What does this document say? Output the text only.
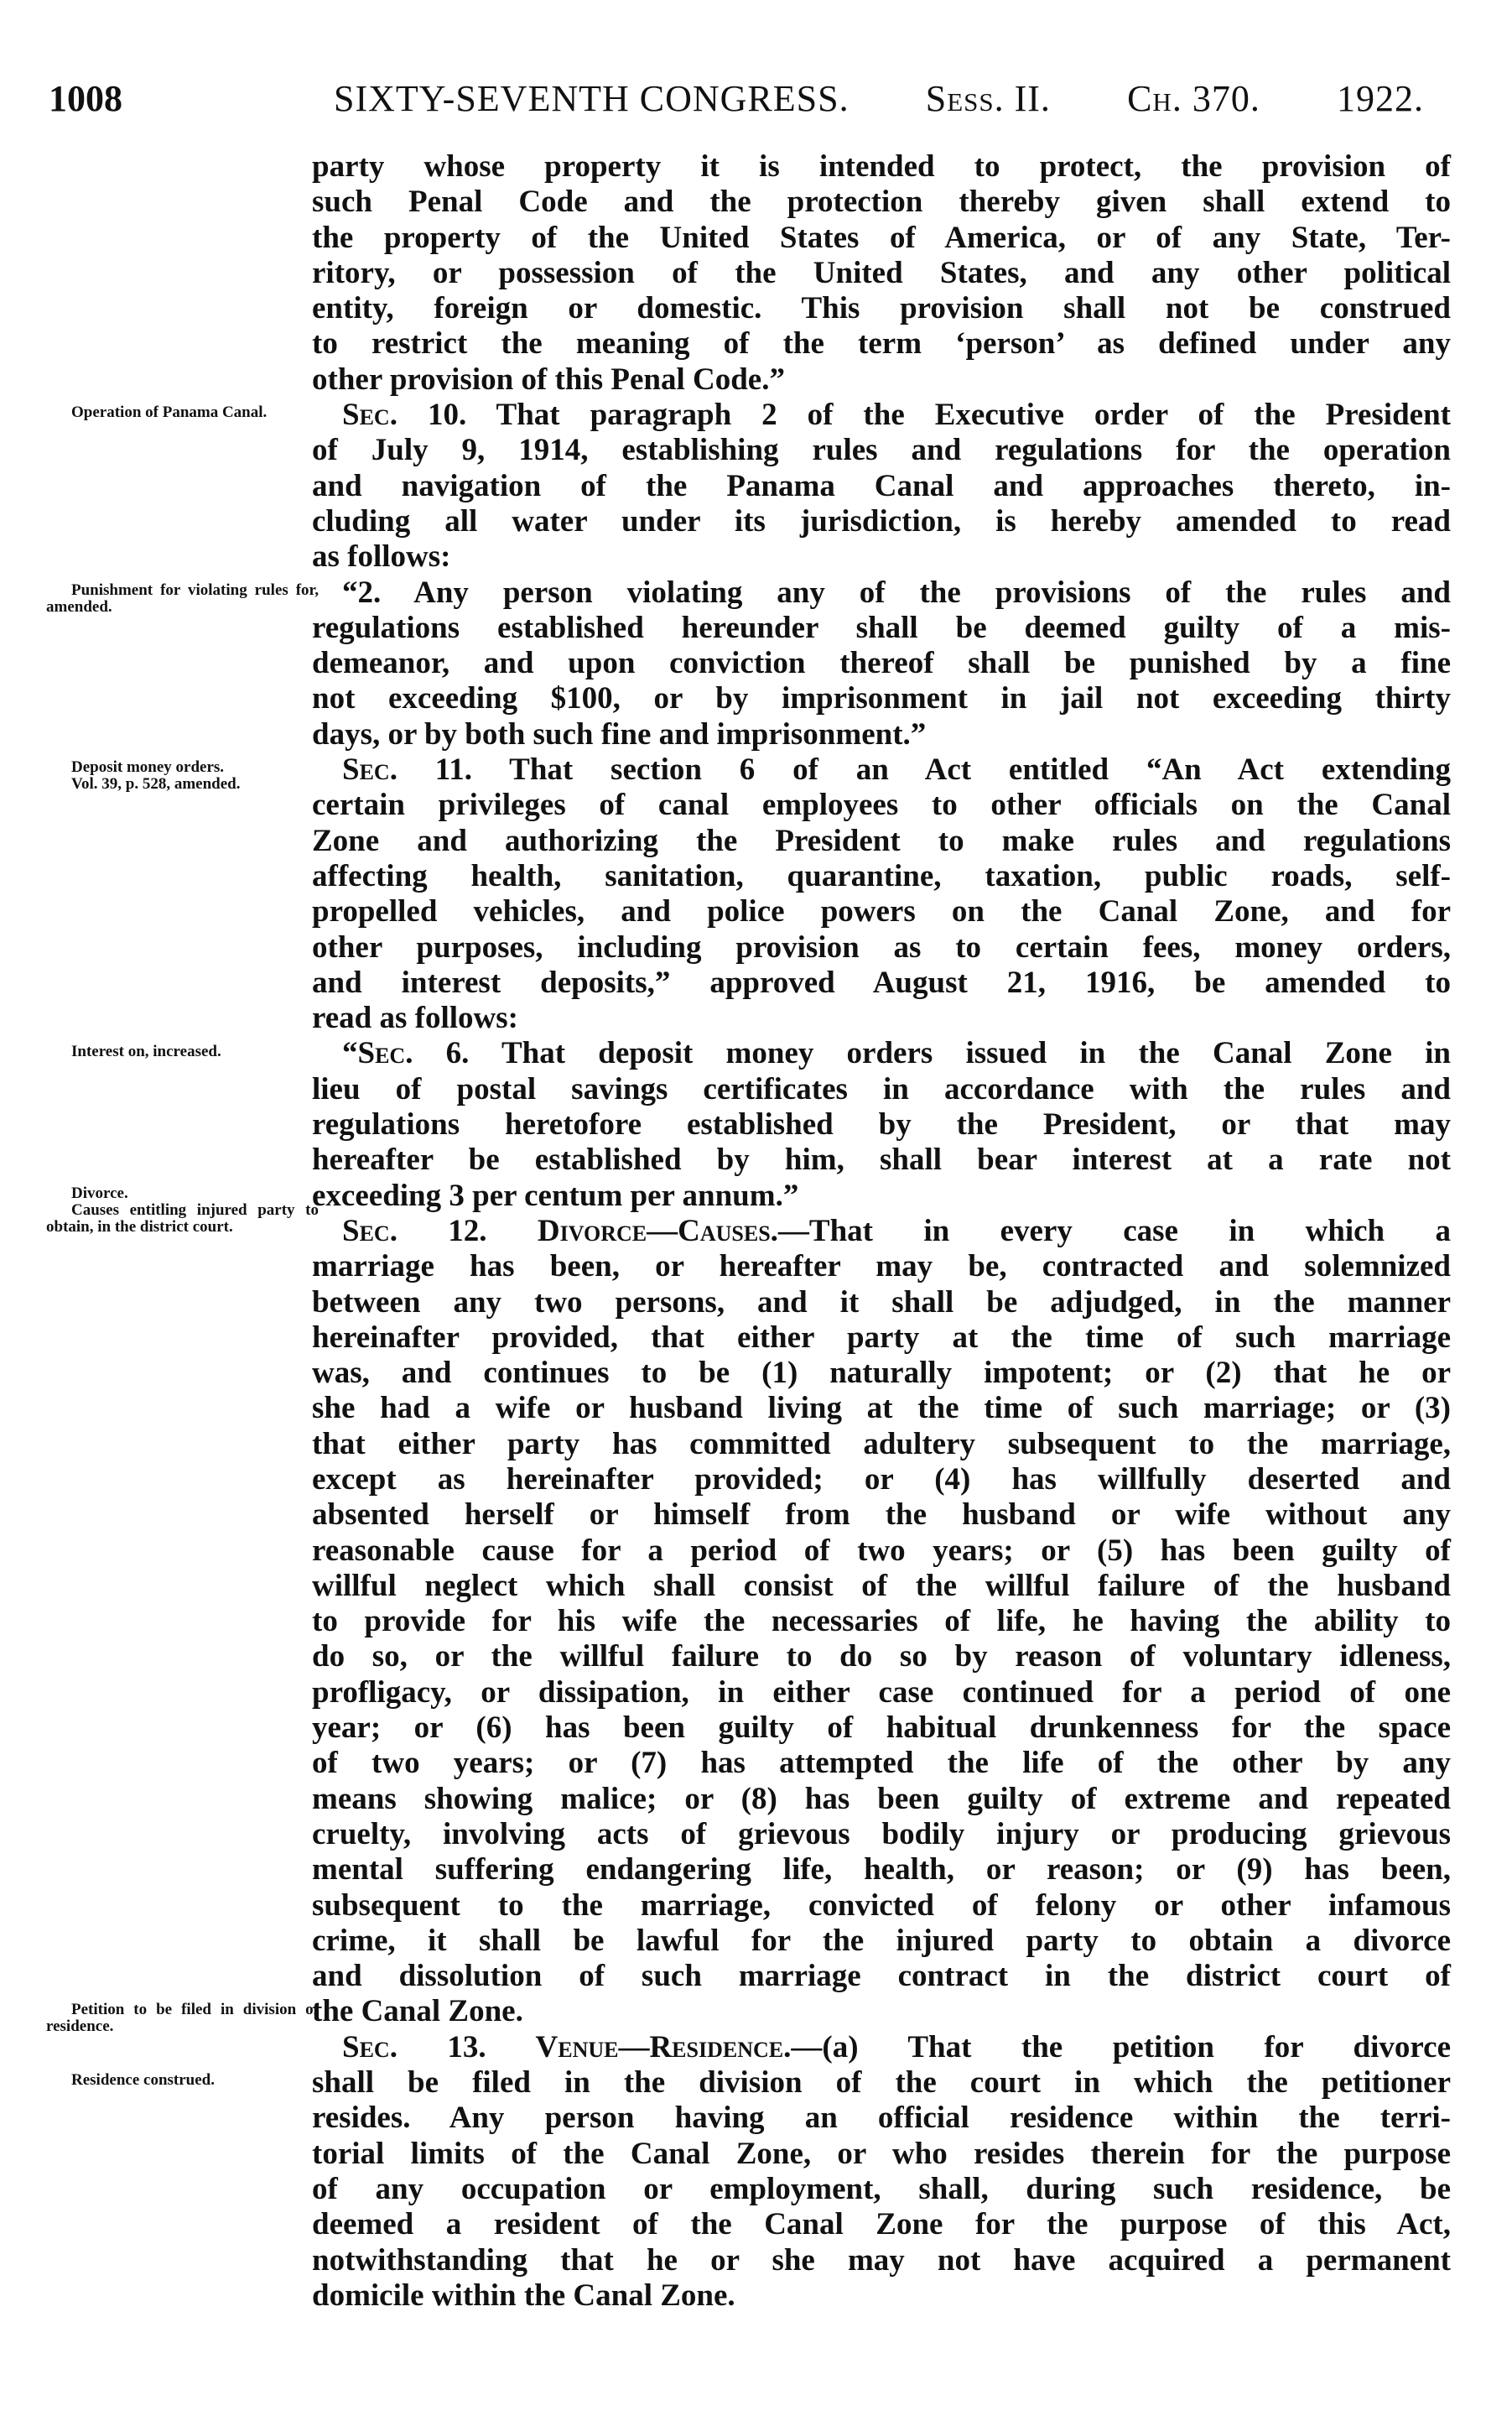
1008	SIXTY-SEVENTH CONGRESS. Sess. II. Ch. 370. 1922.
party whose property it is intended to protect, the provision of
such Penal Code and the protection thereby given shall extend to
the property of the United States of America, or of any State, Ter-
ritory, or possession of the United States, and any other political
entity, foreign or domestic. This provision shall not be construed
to restrict the meaning of the term ‘person’ as defined under any
other provision of this Penal Code.”
Sec. 10. That paragraph 2 of the Executive order of the President
of July 9, 1914, establishing rules and regulations for the operation
and navigation of the Panama Canal and approaches thereto, in-
cluding all water under its jurisdiction, is hereby amended to read
as follows:
“2. Any person violating any of the provisions of the rules and
regulations established hereunder shall be deemed guilty of a mis-
demeanor, and upon conviction thereof shall be punished by a fine
not exceeding $100, or by imprisonment in jail not exceeding thirty
days, or by both such fine and imprisonment.”
Sec. 11. That section 6 of an Act entitled “An Act extending
certain privileges of canal employees to other officials on the Canal
Zone and authorizing the President to make rules and regulations
affecting health, sanitation, quarantine, taxation, public roads, self-
propelled vehicles, and police powers on the Canal Zone, and for
other purposes, including provision as to certain fees, money orders,
and interest deposits,” approved August 21, 1916, be amended to
read as follows:
“Sec. 6. That deposit money orders issued in the Canal Zone in
lieu of postal savings certificates in accordance with the rules and
regulations heretofore established by the President, or that may
hereafter be established by him, shall bear interest at a rate not
exceeding 3 per centum per annum.”
Sec. 12. Divorce—Causes.—That in every case in which a
marriage has been, or hereafter may be, contracted and solemnized
between any two persons, and it shall be adjudged, in the manner
hereinafter provided, that either party at the time of such marriage
was, and continues to be (1) naturally impotent; or (2) that he or
she had a wife or husband living at the time of such marriage; or (3)
that either party has committed adultery subsequent to the marriage,
except as hereinafter provided; or (4) has willfully deserted and
absented herself or himself from the husband or wife without any
reasonable cause for a period of two years; or (5) has been guilty of
willful neglect which shall consist of the willful failure of the husband
to provide for his wife the necessaries of life, he having the ability to
do so, or the willful failure to do so by reason of voluntary idleness,
profligacy, or dissipation, in either case continued for a period of one
year; or (6) has been guilty of habitual drunkenness for the space
of two years; or (7) has attempted the life of the other by any
means showing malice; or (8) has been guilty of extreme and repeated
cruelty, involving acts of grievous bodily injury or producing grievous
mental suffering endangering life, health, or reason; or (9) has been,
subsequent to the marriage, convicted of felony or other infamous
crime, it shall be lawful for the injured party to obtain a divorce
and dissolution of such marriage contract in the district court of
the Canal Zone.
Sec. 13. Venue—Residence.—(a) That the petition for divorce
shall be filed in the division of the court in which the petitioner
resides. Any person having an official residence within the terri-
torial limits of the Canal Zone, or who resides therein for the purpose
of any occupation or employment, shall, during such residence, be
deemed a resident of the Canal Zone for the purpose of this Act,
notwithstanding that he or she may not have acquired a permanent
domicile within the Canal Zone.
Operation of Panama Canal.
Punishment for violating rules for, amended.
Deposit money orders.
Vol. 39, p. 528, amended.
Interest on, increased.
Divorce.
Causes entitling injured party to obtain, in the district court.
Petition to be filed in division of residence.
Residence construed.
